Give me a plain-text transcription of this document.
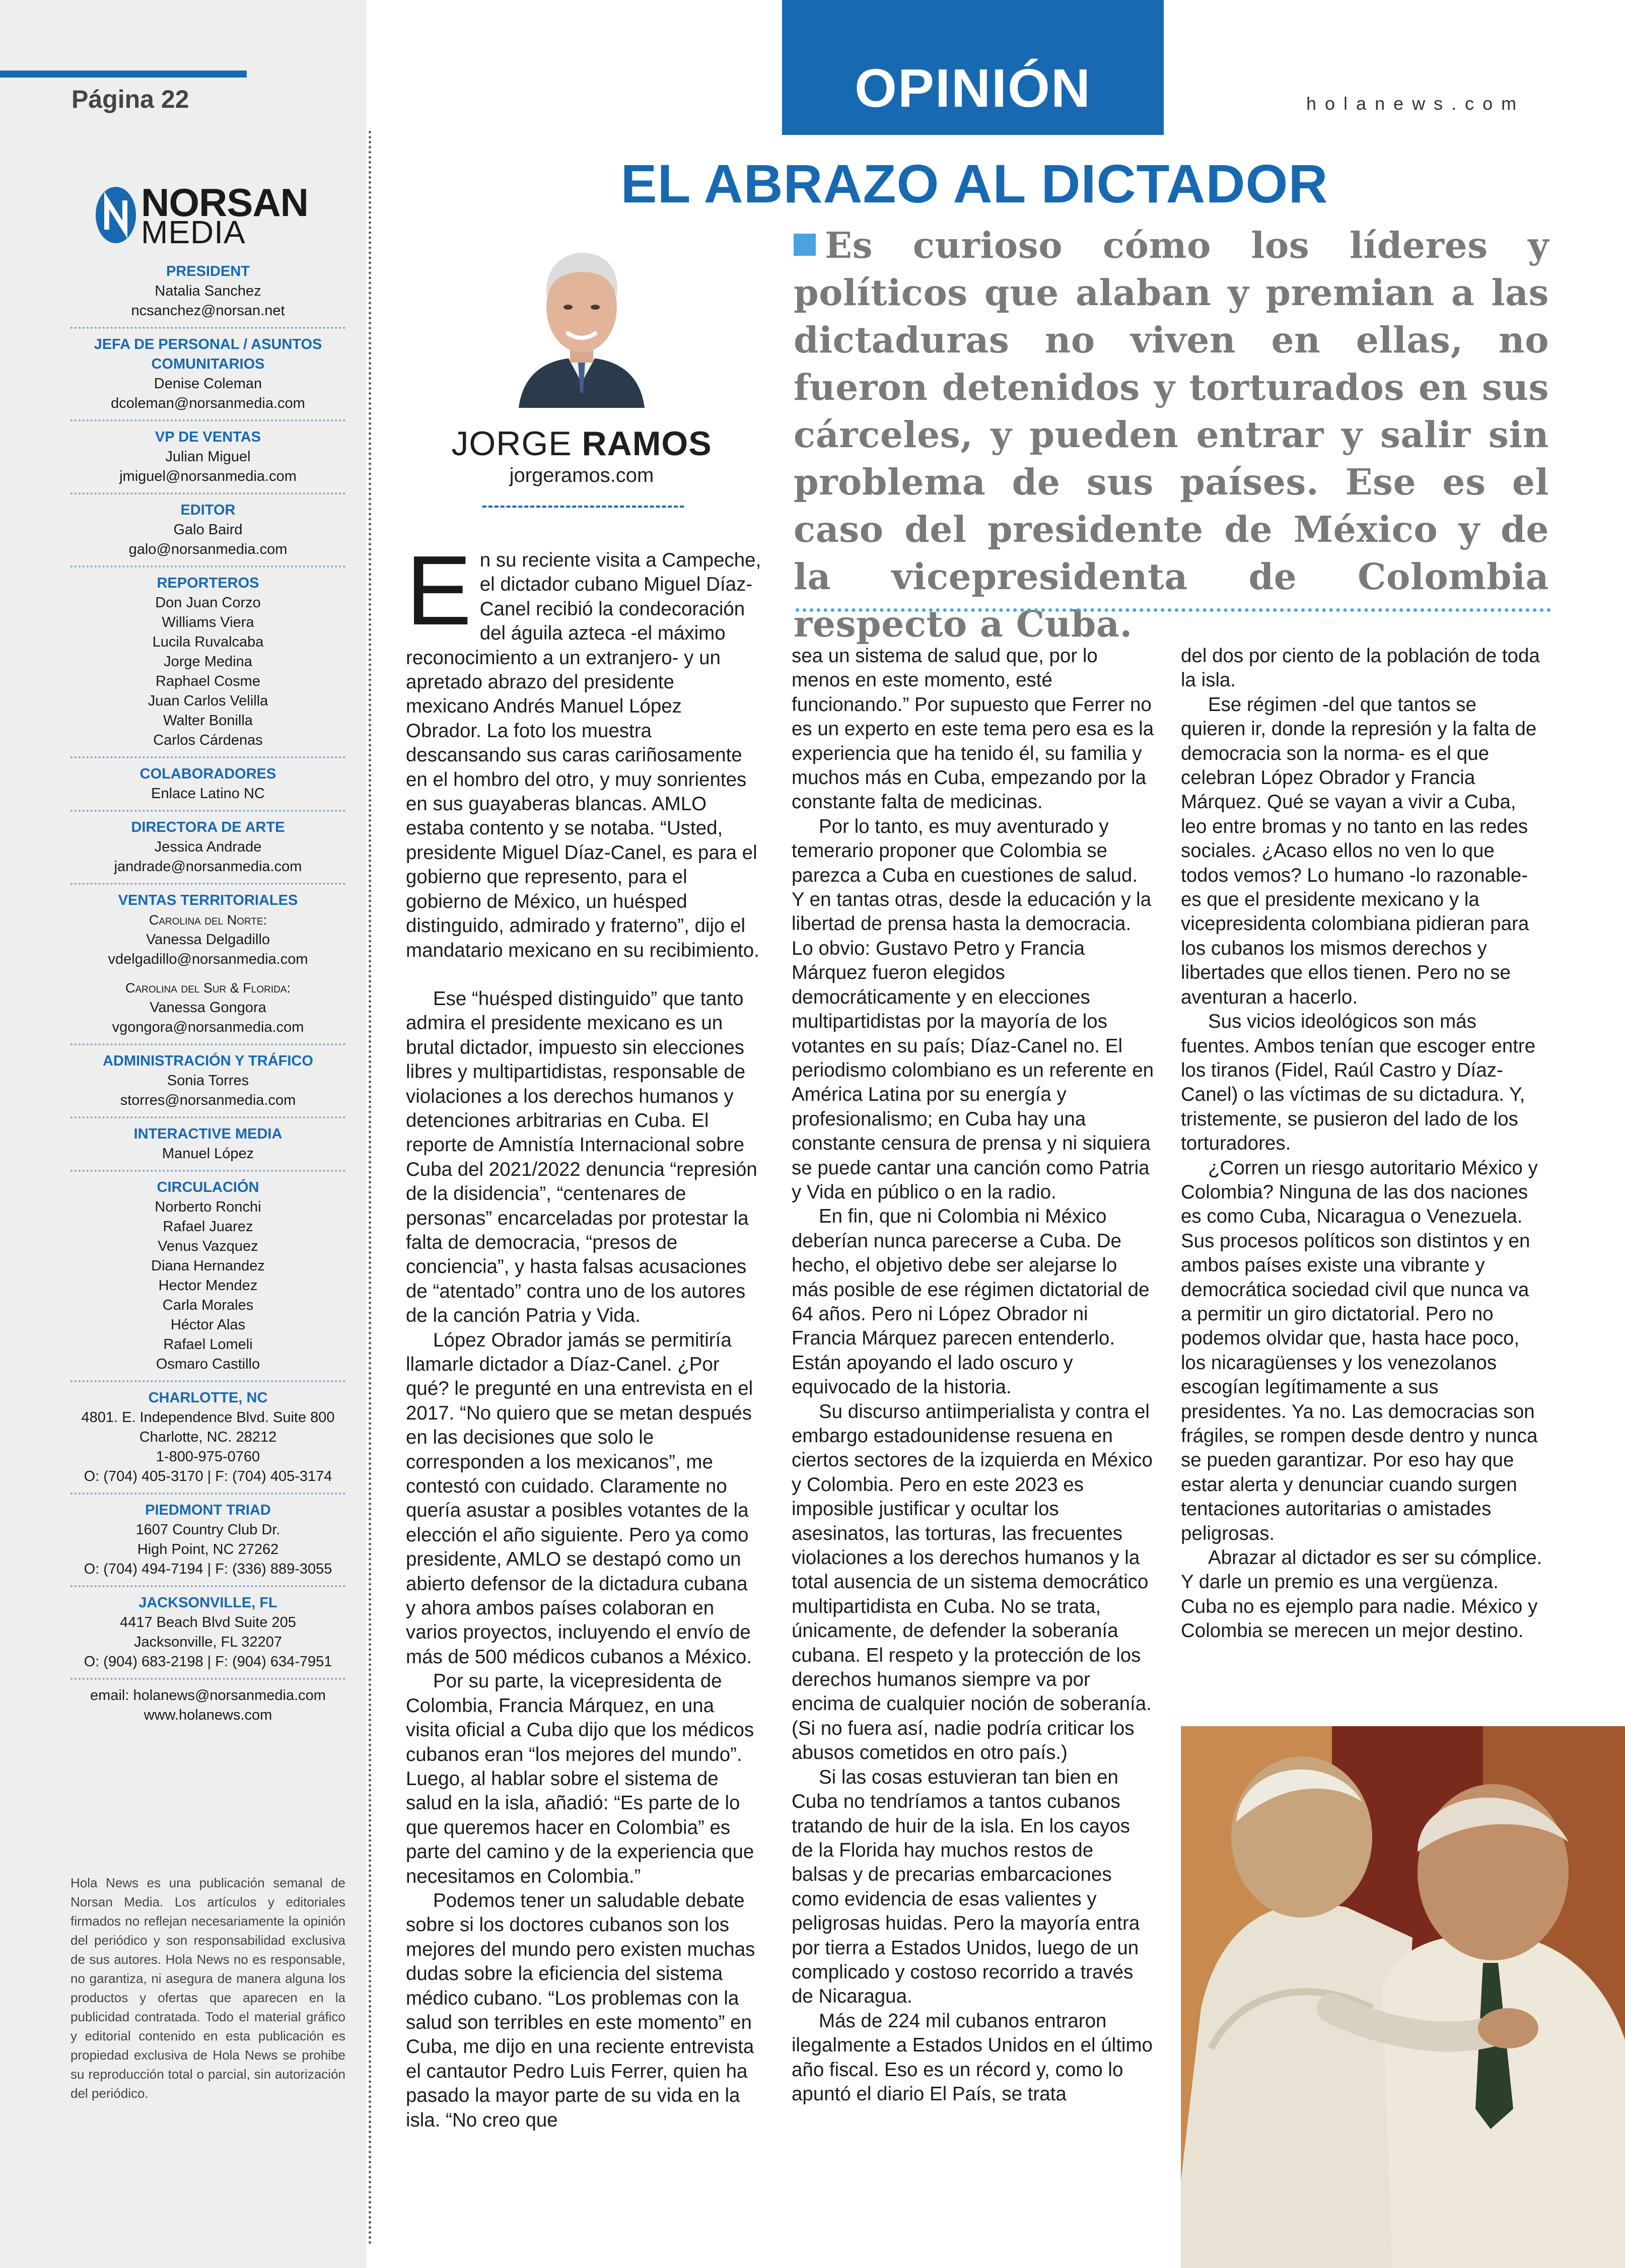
Página 22
NORSAN
MEDIA
PRESIDENT
Natalia Sanchez
ncsanchez@norsan.net
JEFA DE PERSONAL / ASUNTOS COMUNITARIOS
Denise Coleman
dcoleman@norsanmedia.com
VP DE VENTAS
Julian Miguel
jmiguel@norsanmedia.com
EDITOR
Galo Baird
galo@norsanmedia.com
REPORTEROS
Don Juan Corzo
Williams Viera
Lucila Ruvalcaba
Jorge Medina
Raphael Cosme
Juan Carlos Velilla
Walter Bonilla
Carlos Cárdenas
COLABORADORES
Enlace Latino NC
DIRECTORA DE ARTE
Jessica Andrade
jandrade@norsanmedia.com
VENTAS TERRITORIALES
Carolina del Norte:
Vanessa Delgadillo
vdelgadillo@norsanmedia.com
Carolina del Sur & Florida:
Vanessa Gongora
vgongora@norsanmedia.com
ADMINISTRACIÓN Y TRÁFICO
Sonia Torres
storres@norsanmedia.com
INTERACTIVE MEDIA
Manuel López
CIRCULACIÓN
Norberto Ronchi
Rafael Juarez
Venus Vazquez
Diana Hernandez
Hector Mendez
Carla Morales
Héctor Alas
Rafael Lomeli
Osmaro Castillo
CHARLOTTE, NC
4801. E. Independence Blvd. Suite 800
Charlotte, NC. 28212
1-800-975-0760
O: (704) 405-3170 | F: (704) 405-3174
PIEDMONT TRIAD
1607 Country Club Dr.
High Point, NC 27262
O: (704) 494-7194 | F: (336) 889-3055
JACKSONVILLE, FL
4417 Beach Blvd Suite 205
Jacksonville, FL 32207
O: (904) 683-2198 | F: (904) 634-7951
email: holanews@norsanmedia.com
www.holanews.com
Hola News es una publicación semanal de Norsan Media. Los artículos y editoriales firmados no reflejan necesariamente la opinión del periódico y son responsabilidad exclusiva de sus autores. Hola News no es responsable, no garantiza, ni asegura de manera alguna los productos y ofertas que aparecen en la publicidad contratada. Todo el material gráfico y editorial contenido en esta publicación es propiedad exclusiva de Hola News se prohibe su reproducción total o parcial, sin autorización del periódico.
OPINIÓN	holanews.com
EL ABRAZO AL DICTADOR
JORGE RAMOS
jorgeramos.com
Es curioso cómo los líderes y políticos que alaban y premian a las dictaduras no viven en ellas, no fueron detenidos y torturados en sus cárceles, y pueden entrar y salir sin problema de sus países. Ese es el caso del presidente de México y de la vicepresidenta de Colombia respecto a Cuba.

En su reciente visita a Campeche, el dictador cubano Miguel Díaz-Canel recibió la condecoración del águila azteca -el máximo reconocimiento a un extranjero- y un apretado abrazo del presidente mexicano Andrés Manuel López Obrador. La foto los muestra descansando sus caras cariñosamente en el hombro del otro, y muy sonrientes en sus guayaberas blancas. AMLO estaba contento y se notaba. “Usted, presidente Miguel Díaz-Canel, es para el gobierno que represento, para el gobierno de México, un huésped distinguido, admirado y fraterno”, dijo el mandatario mexicano en su recibimiento.

Ese “huésped distinguido” que tanto admira el presidente mexicano es un brutal dictador, impuesto sin elecciones libres y multipartidistas, responsable de violaciones a los derechos humanos y detenciones arbitrarias en Cuba. El reporte de Amnistía Internacional sobre Cuba del 2021/2022 denuncia “represión de la disidencia”, “centenares de personas” encarceladas por protestar la falta de democracia, “presos de conciencia”, y hasta falsas acusaciones de “atentado” contra uno de los autores de la canción Patria y Vida.

López Obrador jamás se permitiría llamarle dictador a Díaz-Canel. ¿Por qué? le pregunté en una entrevista en el 2017. “No quiero que se metan después en las decisiones que solo le corresponden a los mexicanos”, me contestó con cuidado. Claramente no quería asustar a posibles votantes de la elección el año siguiente. Pero ya como presidente, AMLO se destapó como un abierto defensor de la dictadura cubana y ahora ambos países colaboran en varios proyectos, incluyendo el envío de más de 500 médicos cubanos a México.

Por su parte, la vicepresidenta de Colombia, Francia Márquez, en una visita oficial a Cuba dijo que los médicos cubanos eran “los mejores del mundo”. Luego, al hablar sobre el sistema de salud en la isla, añadió: “Es parte de lo que queremos hacer en Colombia” es parte del camino y de la experiencia que necesitamos en Colombia.”

Podemos tener un saludable debate sobre si los doctores cubanos son los mejores del mundo pero existen muchas dudas sobre la eficiencia del sistema médico cubano. “Los problemas con la salud son terribles en este momento” en Cuba, me dijo en una reciente entrevista el cantautor Pedro Luis Ferrer, quien ha pasado la mayor parte de su vida en la isla. “No creo que

sea un sistema de salud que, por lo menos en este momento, esté funcionando.” Por supuesto que Ferrer no es un experto en este tema pero esa es la experiencia que ha tenido él, su familia y muchos más en Cuba, empezando por la constante falta de medicinas.

Por lo tanto, es muy aventurado y temerario proponer que Colombia se parezca a Cuba en cuestiones de salud. Y en tantas otras, desde la educación y la libertad de prensa hasta la democracia. Lo obvio: Gustavo Petro y Francia Márquez fueron elegidos democráticamente y en elecciones multipartidistas por la mayoría de los votantes en su país; Díaz-Canel no. El periodismo colombiano es un referente en América Latina por su energía y profesionalismo; en Cuba hay una constante censura de prensa y ni siquiera se puede cantar una canción como Patria y Vida en público o en la radio.

En fin, que ni Colombia ni México deberían nunca parecerse a Cuba. De hecho, el objetivo debe ser alejarse lo más posible de ese régimen dictatorial de 64 años. Pero ni López Obrador ni Francia Márquez parecen entenderlo. Están apoyando el lado oscuro y equivocado de la historia.

Su discurso antiimperialista y contra el embargo estadounidense resuena en ciertos sectores de la izquierda en México y Colombia. Pero en este 2023 es imposible justificar y ocultar los asesinatos, las torturas, las frecuentes violaciones a los derechos humanos y la total ausencia de un sistema democrático multipartidista en Cuba. No se trata, únicamente, de defender la soberanía cubana. El respeto y la protección de los derechos humanos siempre va por encima de cualquier noción de soberanía. (Si no fuera así, nadie podría criticar los abusos cometidos en otro país.)

Si las cosas estuvieran tan bien en Cuba no tendríamos a tantos cubanos tratando de huir de la isla. En los cayos de la Florida hay muchos restos de balsas y de precarias embarcaciones como evidencia de esas valientes y peligrosas huidas. Pero la mayoría entra por tierra a Estados Unidos, luego de un complicado y costoso recorrido a través de Nicaragua.

Más de 224 mil cubanos entraron ilegalmente a Estados Unidos en el último año fiscal. Eso es un récord y, como lo apuntó el diario El País, se trata

del dos por ciento de la población de toda la isla.

Ese régimen -del que tantos se quieren ir, donde la represión y la falta de democracia son la norma- es el que celebran López Obrador y Francia Márquez. Qué se vayan a vivir a Cuba, leo entre bromas y no tanto en las redes sociales. ¿Acaso ellos no ven lo que todos vemos? Lo humano -lo razonable- es que el presidente mexicano y la vicepresidenta colombiana pidieran para los cubanos los mismos derechos y libertades que ellos tienen. Pero no se aventuran a hacerlo.

Sus vicios ideológicos son más fuentes. Ambos tenían que escoger entre los tiranos (Fidel, Raúl Castro y Díaz-Canel) o las víctimas de su dictadura. Y, tristemente, se pusieron del lado de los torturadores.

¿Corren un riesgo autoritario México y Colombia? Ninguna de las dos naciones es como Cuba, Nicaragua o Venezuela. Sus procesos políticos son distintos y en ambos países existe una vibrante y democrática sociedad civil que nunca va a permitir un giro dictatorial. Pero no podemos olvidar que, hasta hace poco, los nicaragüenses y los venezolanos escogían legítimamente a sus presidentes. Ya no. Las democracias son frágiles, se rompen desde dentro y nunca se pueden garantizar. Por eso hay que estar alerta y denunciar cuando surgen tentaciones autoritarias o amistades peligrosas.

Abrazar al dictador es ser su cómplice. Y darle un premio es una vergüenza. Cuba no es ejemplo para nadie. México y Colombia se merecen un mejor destino.
